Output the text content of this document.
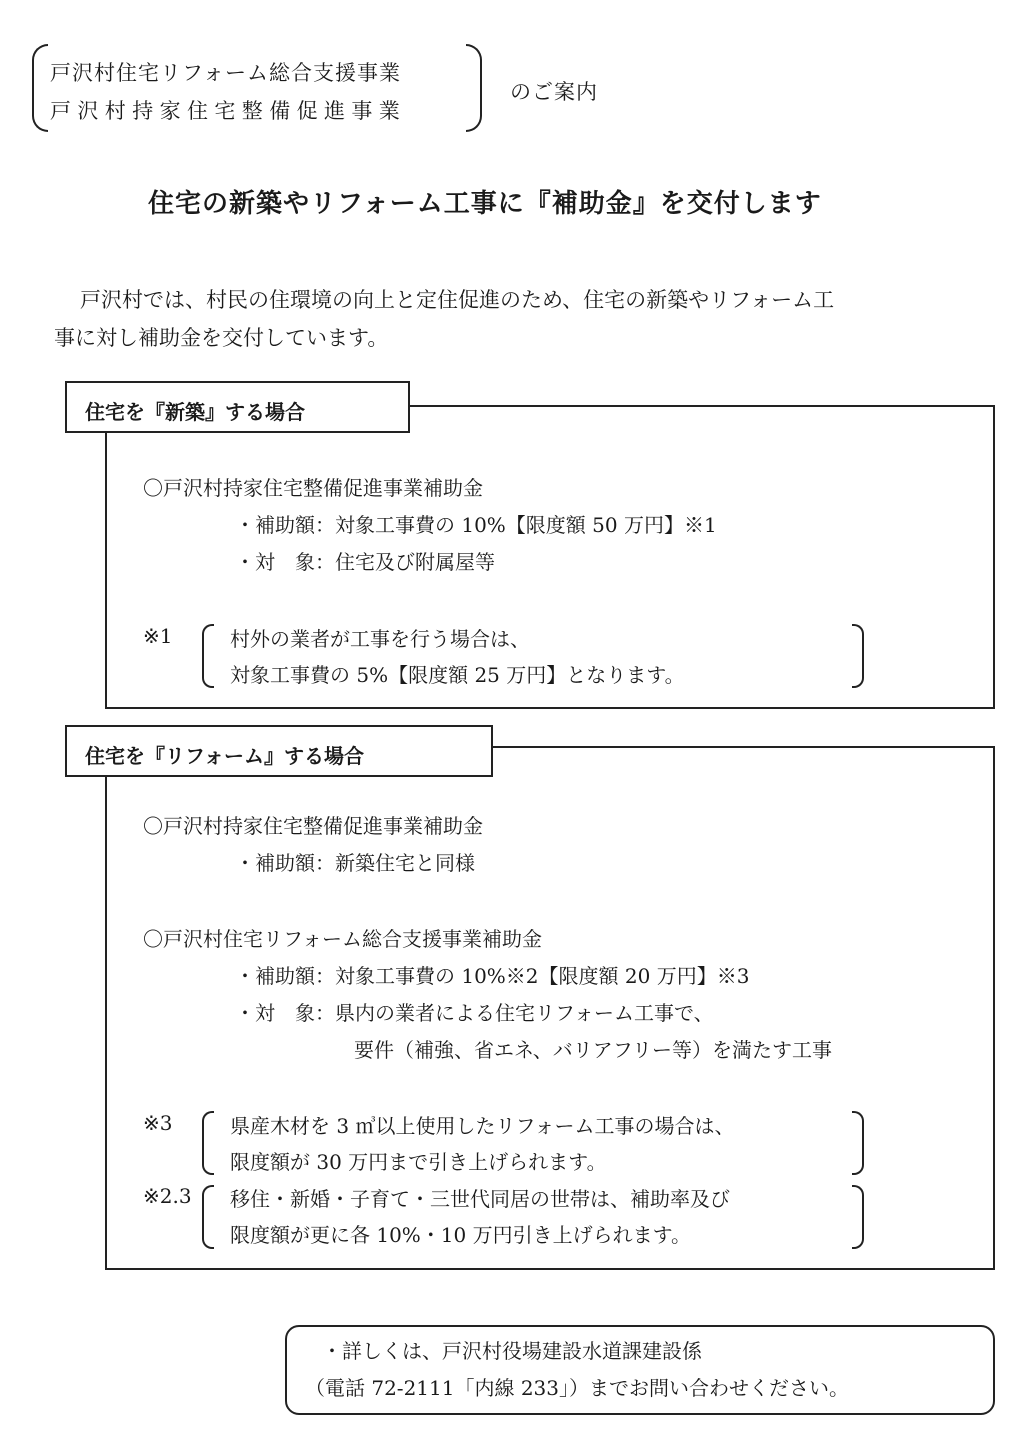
戸沢村住宅リフォーム総合支援事業
戸沢村持家住宅整備促進事業
のご案内
住宅の新築やリフォーム工事に『補助金』を交付します
戸沢村では、村民の住環境の向上と定住促進のため、住宅の新築やリフォーム工
事に対し補助金を交付しています。
住宅を『新築』する場合
〇戸沢村持家住宅整備促進事業補助金
・補助額：対象工事費の 10%【限度額 50 万円】※1
・対　象：住宅及び附属屋等
※1	村外の業者が工事を行う場合は、
対象工事費の 5%【限度額 25 万円】となります。
住宅を『リフォーム』する場合
〇戸沢村持家住宅整備促進事業補助金
・補助額：新築住宅と同様
〇戸沢村住宅リフォーム総合支援事業補助金
・補助額：対象工事費の 10%※2【限度額 20 万円】※3
・対　象：県内の業者による住宅リフォーム工事で、
要件（補強、省エネ、バリアフリー等）を満たす工事
※3	県産木材を 3 ㎥以上使用したリフォーム工事の場合は、
限度額が 30 万円まで引き上げられます。
※2.3 移住・新婚・子育て・三世代同居の世帯は、補助率及び
限度額が更に各 10%・10 万円引き上げられます。
・詳しくは、戸沢村役場建設水道課建設係
（電話 72-2111「内線 233」）までお問い合わせください。
